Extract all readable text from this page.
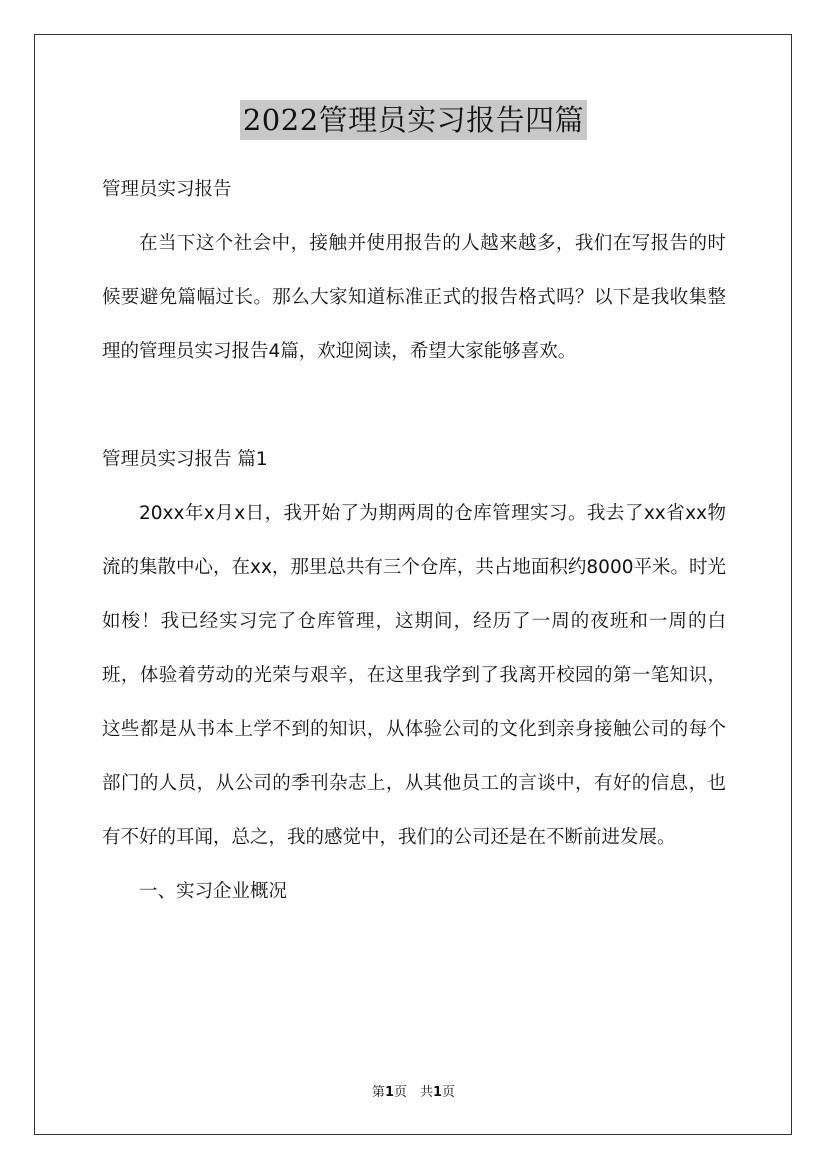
2022管理员实习报告四篇

管理员实习报告

在当下这个社会中，接触并使用报告的人越来越多，我们在写报告的时候要避免篇幅过长。那么大家知道标准正式的报告格式吗？以下是我收集整理的管理员实习报告4篇，欢迎阅读，希望大家能够喜欢。

管理员实习报告 篇1

20xx年x月x日，我开始了为期两周的仓库管理实习。我去了xx省xx物流的集散中心，在xx，那里总共有三个仓库，共占地面积约8000平米。时光如梭！我已经实习完了仓库管理，这期间，经历了一周的夜班和一周的白班，体验着劳动的光荣与艰辛，在这里我学到了我离开校园的第一笔知识，这些都是从书本上学不到的知识，从体验公司的文化到亲身接触公司的每个部门的人员，从公司的季刊杂志上，从其他员工的言谈中，有好的信息，也有不好的耳闻，总之，我的感觉中，我们的公司还是在不断前进发展。

一、实习企业概况

第1页　共1页
